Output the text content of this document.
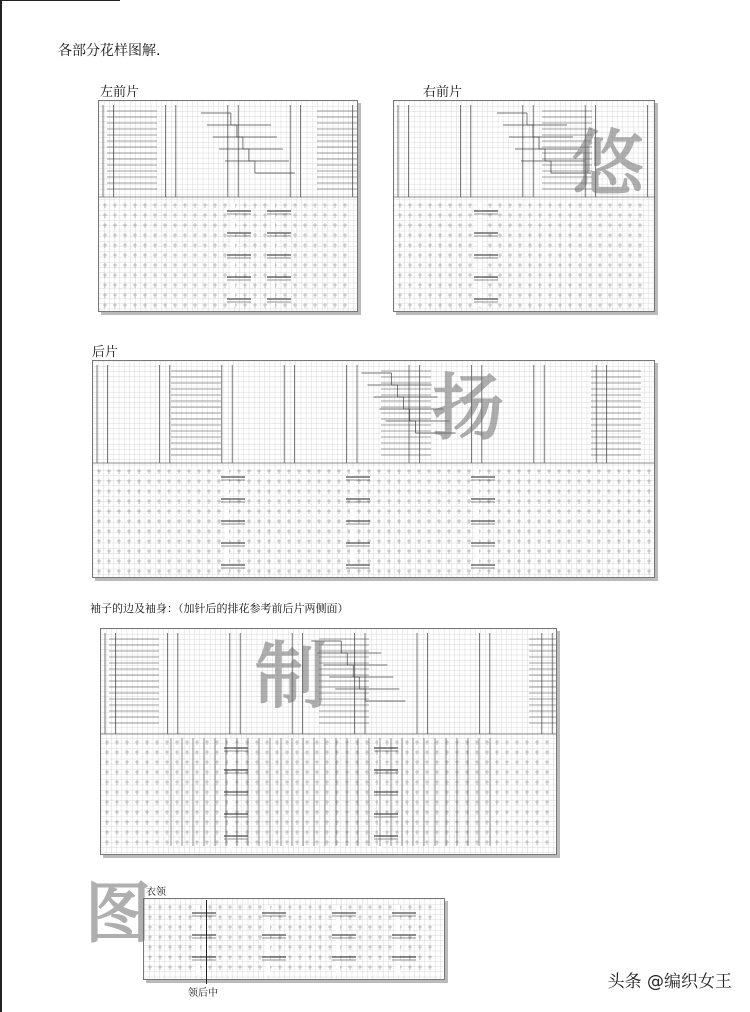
各部分花样图解.
左前片	右前片
后片
袖子的边及袖身：（加针后的排花参考前后片两侧面）
衣领
领后中
悠
扬
制
图
头条 @编织女王
